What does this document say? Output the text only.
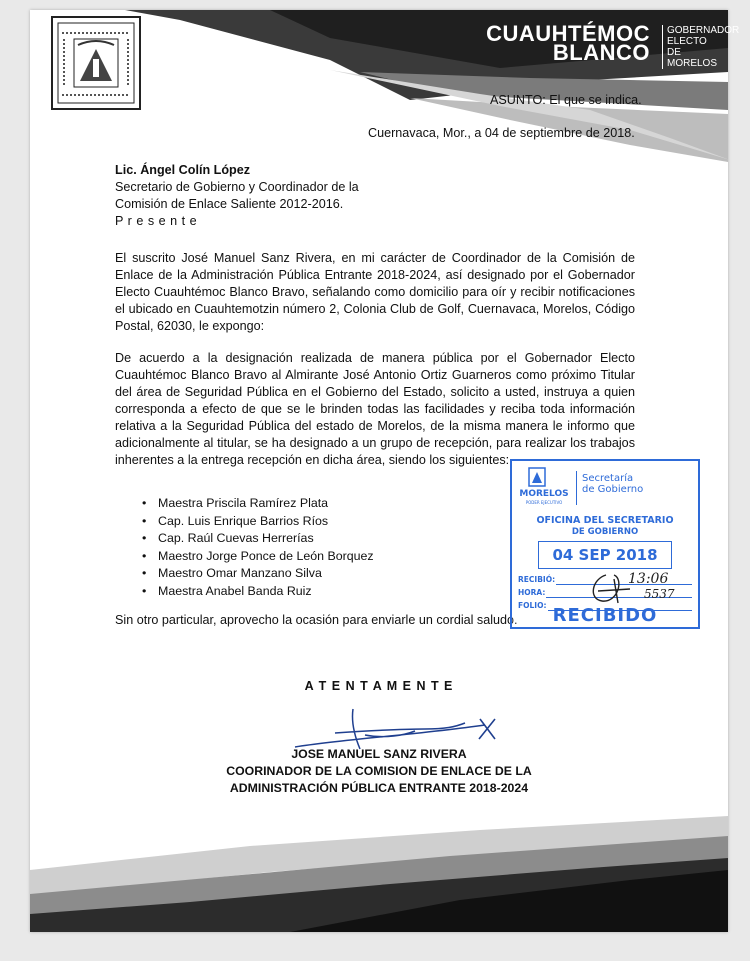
CUAUHTÉMOC
BLANCO
GOBERNADOR
ELECTO
DE MORELOS
ASUNTO: El que se indica.
Cuernavaca, Mor., a 04 de septiembre de 2018.
Lic. Ángel Colín López
Secretario de Gobierno y Coordinador de la
Comisión de Enlace Saliente 2012-2016.
P r e s e n t e
El suscrito José Manuel Sanz Rivera, en mi carácter de Coordinador de la Comisión de Enlace de la Administración Pública Entrante 2018-2024, así designado por el Gobernador Electo Cuauhtémoc Blanco Bravo, señalando como domicilio para oír y recibir notificaciones el ubicado en Cuauhtemotzin número 2, Colonia Club de Golf, Cuernavaca, Morelos, Código Postal, 62030, le expongo:
De acuerdo a la designación realizada de manera pública por el Gobernador Electo Cuauhtémoc Blanco Bravo al Almirante José Antonio Ortiz Guarneros como próximo Titular del área de Seguridad Pública en el Gobierno del Estado, solicito a usted, instruya a quien corresponda a efecto de que se le brinden todas las facilidades y reciba toda información relativa a la Seguridad Pública del estado de Morelos, de la misma manera le informo que adicionalmente al titular, se ha designado a un grupo de recepción, para realizar los trabajos inherentes a la entrega recepción en dicha área, siendo los siguientes:
• Maestra Priscila Ramírez Plata
• Cap. Luis Enrique Barrios Ríos
• Cap. Raúl Cuevas Herrerías
• Maestro Jorge Ponce de León Borquez
• Maestro Omar Manzano Silva
• Maestra Anabel Banda Ruiz
Sin otro particular, aprovecho la ocasión para enviarle un cordial saludo.
MORELOS
PODER EJECUTIVO
Secretaría
de Gobierno
OFICINA DEL SECRETARIO
DE GOBIERNO
04 SEP 2018
RECIBIÓ:
HORA:
FOLIO:
13:06
5537
RECIBIDO
A T E N T A M E N T E
JOSE MANUEL SANZ RIVERA
COORINADOR DE LA COMISION DE ENLACE DE LA
ADMINISTRACIÓN PÚBLICA ENTRANTE 2018-2024
